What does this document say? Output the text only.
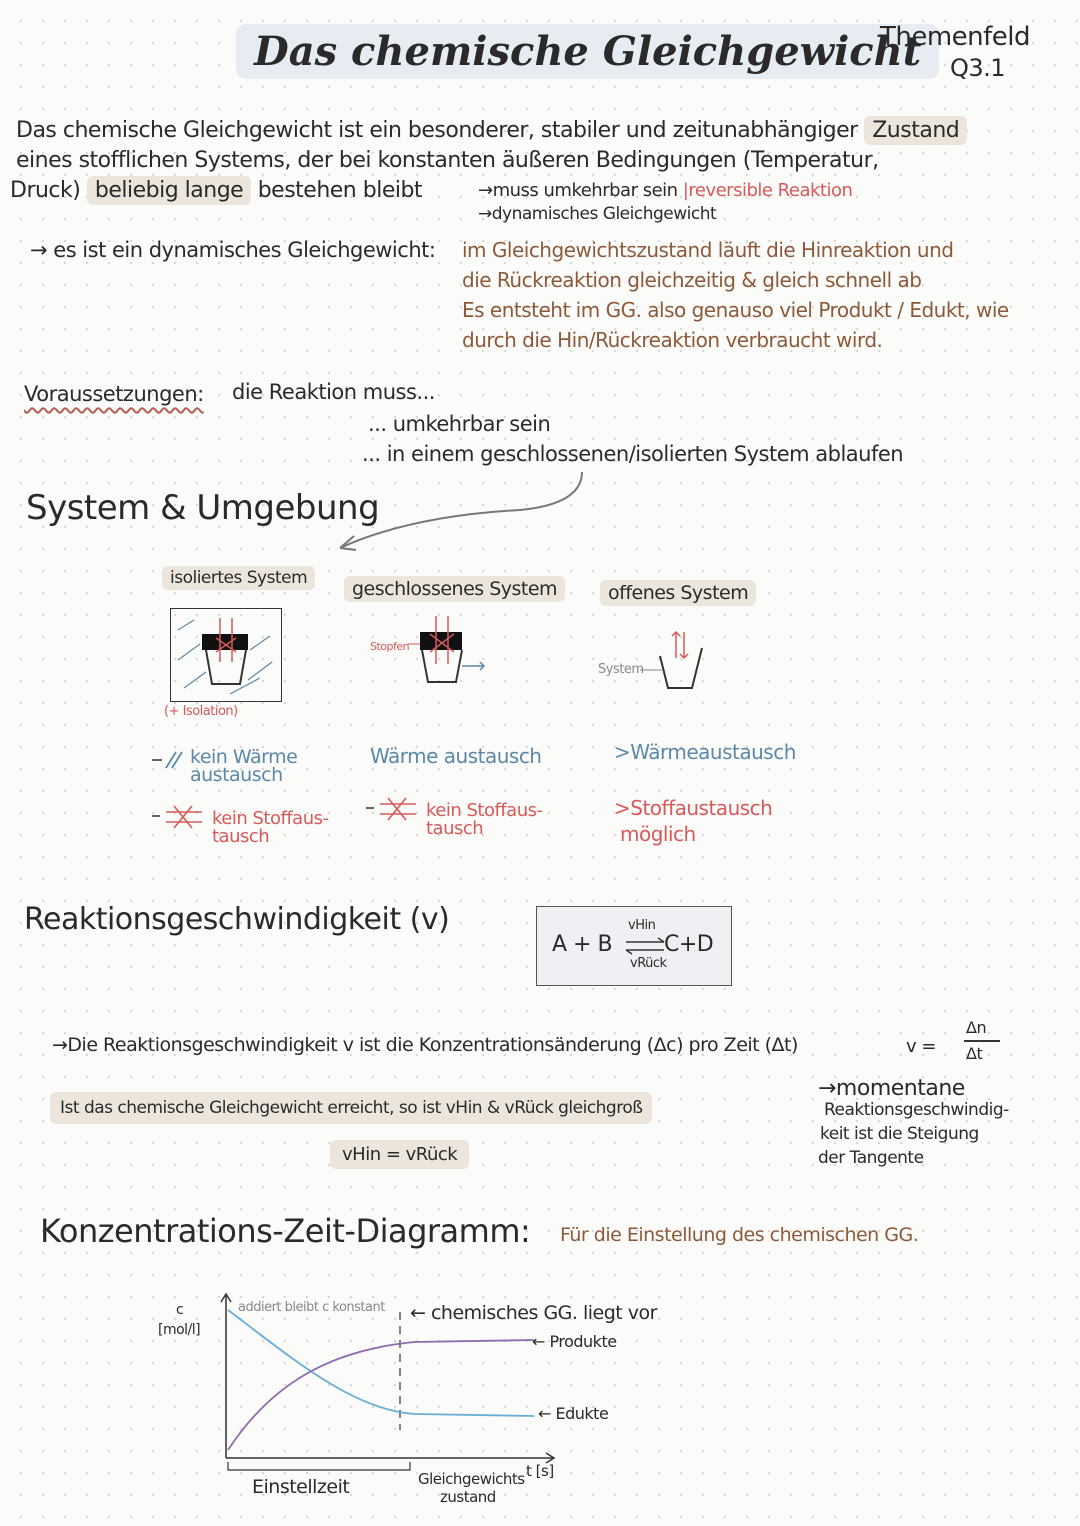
Das chemische Gleichgewicht
Themenfeld
Q3.1
Das chemische Gleichgewicht ist ein besonderer, stabiler und zeitunabhängiger Zustand
eines stofflichen Systems, der bei konstanten äußeren Bedingungen (Temperatur,
Druck) beliebig lange bestehen bleibt	→muss umkehrbar sein |reversible Reaktion
→dynamisches Gleichgewicht
→ es ist ein dynamisches Gleichgewicht: im Gleichgewichtszustand läuft die Hinreaktion und
die Rückreaktion gleichzeitig & gleich schnell ab
Es entsteht im GG. also genauso viel Produkt / Edukt, wie
durch die Hin/Rückreaktion verbraucht wird.
Voraussetzungen: die Reaktion muss...
... umkehrbar sein
... in einem geschlossenen/isolierten System ablaufen
System & Umgebung
isoliertes System
(+ Isolation)
kein Wärme austausch
kein Stoffaus- tausch
geschlossenes System
Stopfen
Wärme austausch
kein Stoffaus- tausch
offenes System
System
>Wärmeaustausch
>Stoffaustausch
möglich
Reaktionsgeschwindigkeit (v)
A + B ⇌
vHin
vRück
C+D
→Die Reaktionsgeschwindigkeit v ist die Konzentrationsänderung (Δc) pro Zeit (Δt)	v =
Δn
Δt
Ist das chemische Gleichgewicht erreicht, so ist vHin & vRück gleichgroß
vHin = vRück
→momentane
Reaktionsgeschwindig-
keit ist die Steigung
der Tangente
Konzentrations-Zeit-Diagramm: Für die Einstellung des chemischen GG.
c
[mol/l]
addiert bleibt c konstant ← chemisches GG. liegt vor
← Produkte
← Edukte
t [s]
Einstellzeit	Gleichgewichts
zustand
